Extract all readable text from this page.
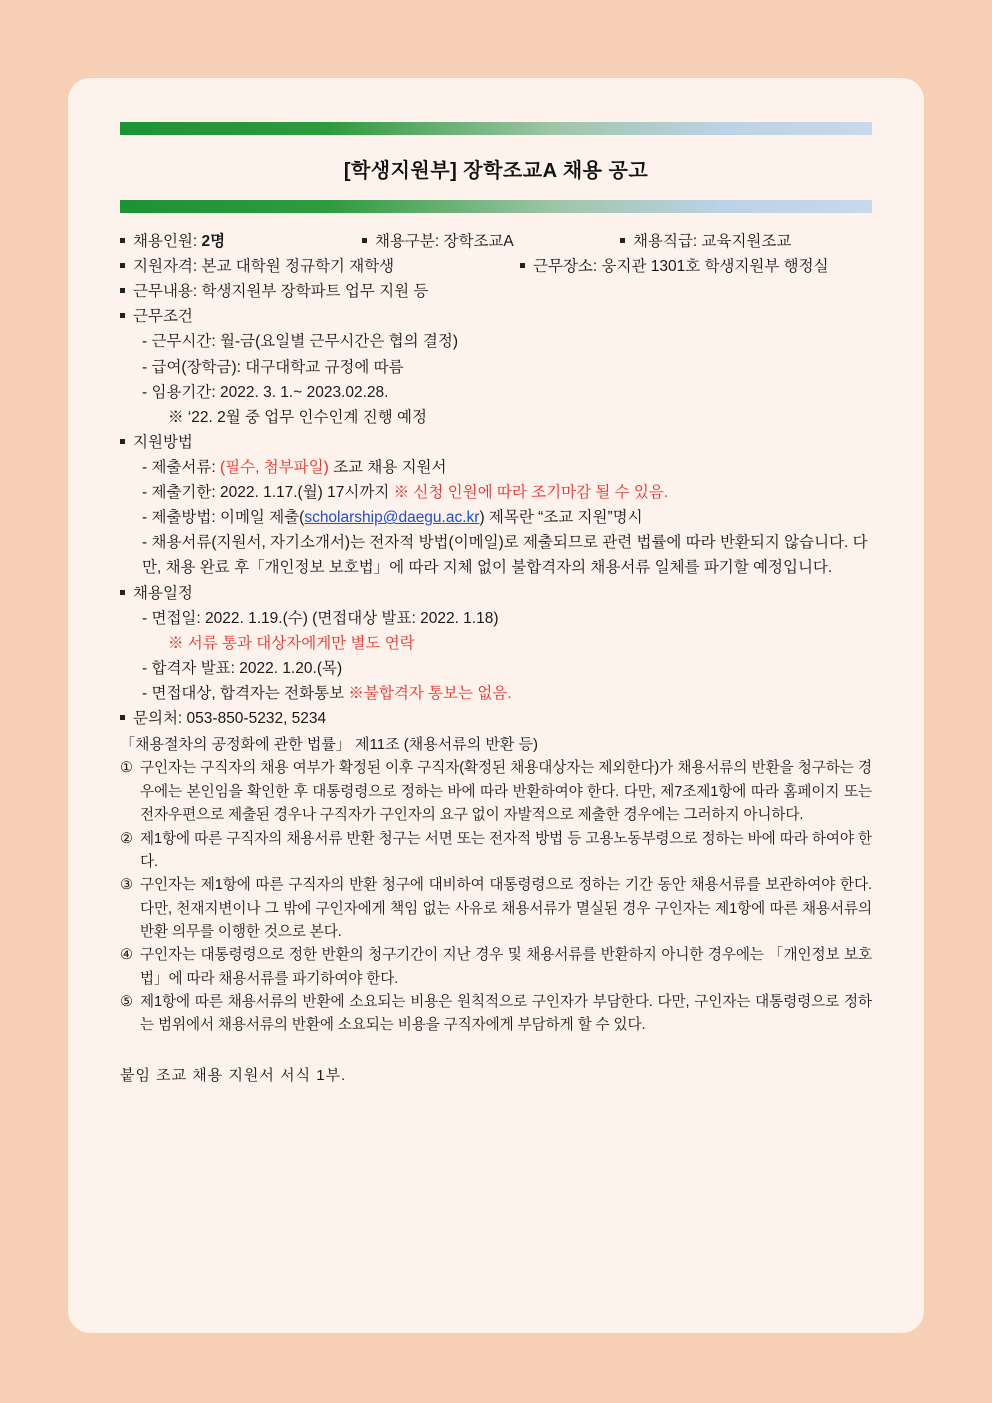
[학생지원부] 장학조교A 채용 공고
채용인원:
2명	채용구분:
장학조교A	채용직급:
교육지원조교
지원자격:
본교 대학원 정규학기 재학생	근무장소:
웅지관 1301호 학생지원부 행정실
근무내용:
학생지원부 장학파트 업무 지원 등
근무조건
- 근무시간: 월-금(요일별 근무시간은 협의 결정)
- 급여(장학금): 대구대학교 규정에 따름
- 임용기간: 2022. 3. 1.~ 2023.02.28.
※ ‘22. 2월 중 업무 인수인계 진행 예정
지원방법
- 제출서류: (필수, 첨부파일) 조교 채용 지원서
- 제출기한: 2022. 1.17.(월) 17시까지 ※ 신청 인원에 따라 조기마감 될 수 있음.
- 제출방법: 이메일 제출(scholarship@daegu.ac.kr) 제목란 “조교 지원”명시
- 채용서류(지원서, 자기소개서)는 전자적 방법(이메일)로 제출되므로 관련 법률에 따라 반환되지 않습니다. 다만, 채용 완료 후「개인정보 보호법」에 따라 지체 없이 불합격자의 채용서류 일체를 파기할 예정입니다.
채용일정
- 면접일: 2022. 1.19.(수) (면접대상 발표: 2022. 1.18)
※ 서류 통과 대상자에게만 별도 연락
- 합격자 발표: 2022. 1.20.(목)
- 면접대상, 합격자는 전화통보 ※불합격자 통보는 없음.
문의처:
053-850-5232, 5234
「채용절차의 공정화에 관한 법률」 제11조 (채용서류의 반환 등)
① 구인자는 구직자의 채용 여부가 확정된 이후 구직자(확정된 채용대상자는 제외한다)가 채용서류의 반환을 청구하는 경우에는 본인임을 확인한 후 대통령령으로 정하는 바에 따라 반환하여야 한다. 다만, 제7조제1항에 따라 홈페이지 또는 전자우편으로 제출된 경우나 구직자가 구인자의 요구 없이 자발적으로 제출한 경우에는 그러하지 아니하다.
② 제1항에 따른 구직자의 채용서류 반환 청구는 서면 또는 전자적 방법 등 고용노동부령으로 정하는 바에 따라 하여야 한다.
③ 구인자는 제1항에 따른 구직자의 반환 청구에 대비하여 대통령령으로 정하는 기간 동안 채용서류를 보관하여야 한다. 다만, 천재지변이나 그 밖에 구인자에게 책임 없는 사유로 채용서류가 멸실된 경우 구인자는 제1항에 따른 채용서류의 반환 의무를 이행한 것으로 본다.
④ 구인자는 대통령령으로 정한 반환의 청구기간이 지난 경우 및 채용서류를 반환하지 아니한 경우에는 「개인정보 보호법」에 따라 채용서류를 파기하여야 한다.
⑤ 제1항에 따른 채용서류의 반환에 소요되는 비용은 원칙적으로 구인자가 부담한다. 다만, 구인자는 대통령령으로 정하는 범위에서 채용서류의 반환에 소요되는 비용을 구직자에게 부담하게 할 수 있다.
붙임 조교 채용 지원서 서식 1부.
